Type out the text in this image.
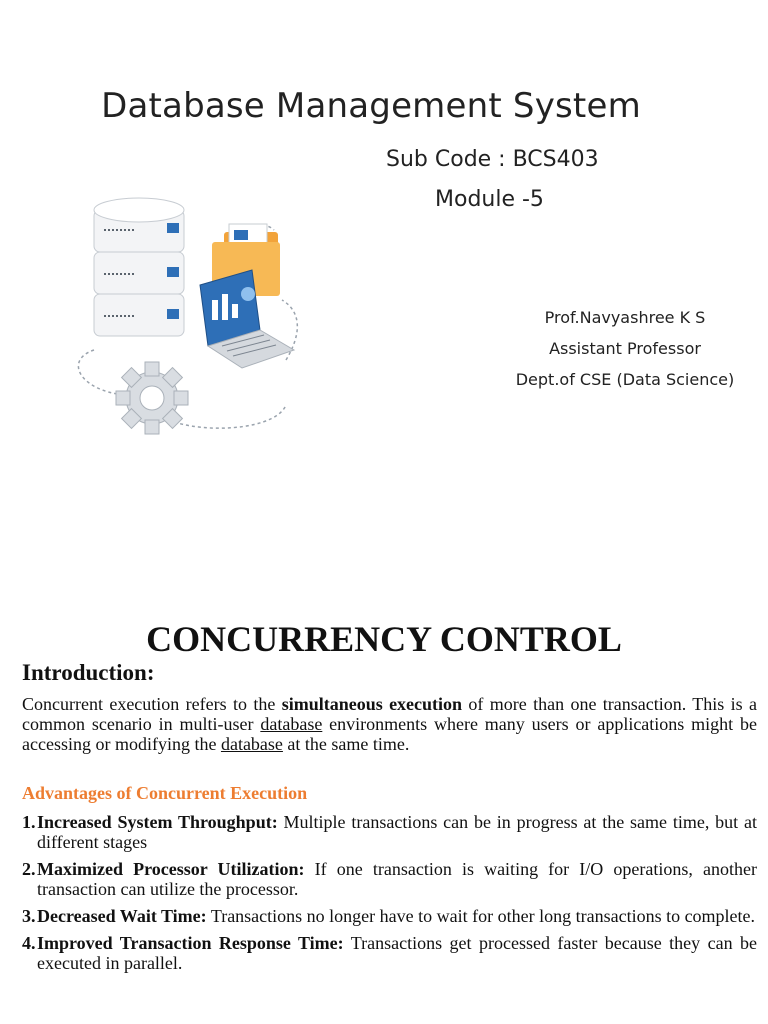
Database Management System
Sub Code : BCS403
Module -5
Prof.Navyashree K S
Assistant Professor
Dept.of CSE (Data Science)
CONCURRENCY CONTROL
Introduction:
Concurrent execution refers to the simultaneous execution of more than one transaction. This is a common scenario in multi-user database environments where many users or applications might be accessing or modifying the database at the same time.
Advantages of Concurrent Execution
1. Increased System Throughput: Multiple transactions can be in progress at the same time, but at different stages
2. Maximized Processor Utilization: If one transaction is waiting for I/O operations, another transaction can utilize the processor.
3. Decreased Wait Time: Transactions no longer have to wait for other long transactions to complete.
4. Improved Transaction Response Time: Transactions get processed faster because they can be executed in parallel.
